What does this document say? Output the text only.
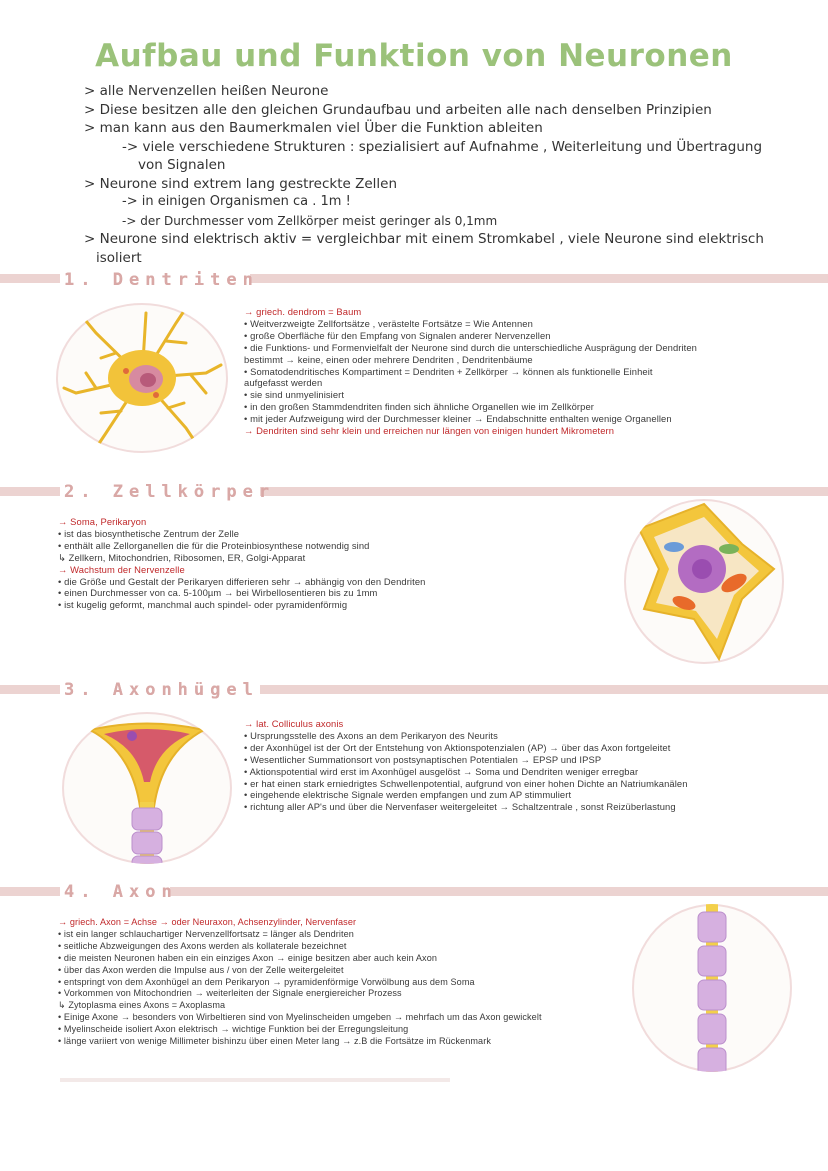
Aufbau und Funktion von Neuronen
> alle Nervenzellen heißen Neurone
> Diese besitzen alle den gleichen Grundaufbau und arbeiten alle nach denselben Prinzipien
> man kann aus den Baumerkmalen viel Über die Funktion ableiten
-> viele verschiedene Strukturen : spezialisiert auf Aufnahme , Weiterleitung und Übertragung
von Signalen
> Neurone sind extrem lang gestreckte Zellen
-> in einigen Organismen ca . 1m !
-> der Durchmesser vom Zellkörper meist geringer als 0,1mm
> Neurone sind elektrisch aktiv = vergleichbar mit einem Stromkabel , viele Neurone sind elektrisch
isoliert
1. Dentriten
→ griech. dendrom = Baum
• Weitverzweigte Zellfortsätze , verästelte Fortsätze = Wie Antennen
• große Oberfläche für den Empfang von Signalen anderer Nervenzellen
• die Funktions- und Formenvielfalt der Neurone sind durch die unterschiedliche Ausprägung der Dendriten
bestimmt → keine, einen oder mehrere Dendriten , Dendritenbäume
• Somatodendritisches Kompartiment = Dendriten + Zellkörper → können als funktionelle Einheit
aufgefasst werden
• sie sind unmyelinisiert
• in den großen Stammdendriten finden sich ähnliche Organellen wie im Zellkörper
• mit jeder Aufzweigung wird der Durchmesser kleiner → Endabschnitte enthalten wenige Organellen
→ Dendriten sind sehr klein und erreichen nur längen von einigen hundert Mikrometern
2. Zellkörper
→ Soma, Perikaryon
• ist das biosynthetische Zentrum der Zelle
• enthält alle Zellorganellen die für die Proteinbiosynthese notwendig sind
↳ Zellkern, Mitochondrien, Ribosomen, ER, Golgi-Apparat
→ Wachstum der Nervenzelle
• die Größe und Gestalt der Perikaryen differieren sehr → abhängig von den Dendriten
• einen Durchmesser von ca. 5-100µm → bei Wirbellosentieren bis zu 1mm
• ist kugelig geformt, manchmal auch spindel- oder pyramidenförmig
3. Axonhügel
→ lat. Colliculus axonis
• Ursprungsstelle des Axons an dem Perikaryon des Neurits
• der Axonhügel ist der Ort der Entstehung von Aktionspotenzialen (AP) → über das Axon fortgeleitet
• Wesentlicher Summationsort von postsynaptischen Potentialen → EPSP und IPSP
• Aktionspotential wird erst im Axonhügel ausgelöst → Soma und Dendriten weniger erregbar
• er hat einen stark erniedrigtes Schwellenpotential, aufgrund von einer hohen Dichte an Natriumkanälen
• eingehende elektrische Signale werden empfangen und zum AP stimmuliert
• richtung aller AP's und über die Nervenfaser weitergeleitet → Schaltzentrale , sonst Reizüberlastung
4. Axon
→ griech. Axon = Achse → oder Neuraxon, Achsenzylinder, Nervenfaser
• ist ein langer schlauchartiger Nervenzellfortsatz = länger als Dendriten
• seitliche Abzweigungen des Axons werden als kollaterale bezeichnet
• die meisten Neuronen haben ein ein einziges Axon → einige besitzen aber auch kein Axon
• über das Axon werden die Impulse aus / von der Zelle weitergeleitet
• entspringt von dem Axonhügel an dem Perikaryon → pyramidenförmige Vorwölbung aus dem Soma
• Vorkommen von Mitochondrien → weiterleiten der Signale energiereicher Prozess
↳ Zytoplasma eines Axons = Axoplasma
• Einige Axone → besonders von Wirbeltieren sind von Myelinscheiden umgeben → mehrfach um das Axon gewickelt
• Myelinscheide isoliert Axon elektrisch → wichtige Funktion bei der Erregungsleitung
• länge variiert von wenige Millimeter bishinzu über einen Meter lang → z.B die Fortsätze im Rückenmark
